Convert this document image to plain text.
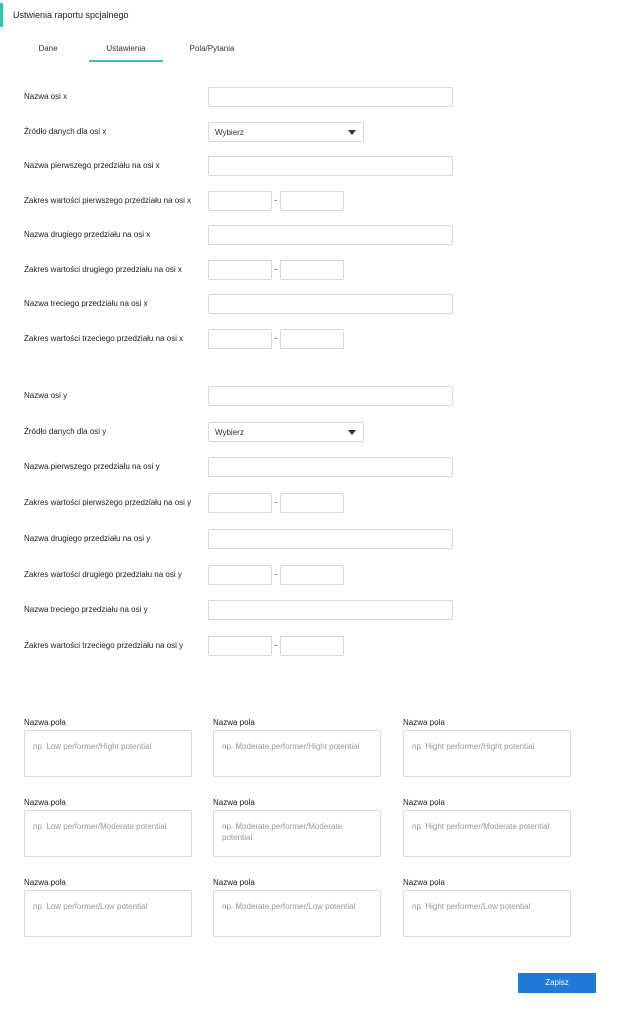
Ustwienia raportu spcjalnego
Dane	Ustawienia	Pola/Pytania
Nazwa osi x
Źródło danych dla osi x	Wybierz
Nazwa pierwszego przedziału na osi x
Zakres wartości pierwszego przedziału na osi x	-
Nazwa drugiego przedziału na osi x
Zakres wartości drugiego przedziału na osi x	-
Nazwa treciego przedziału na osi x
Zakres wartości trzeciego przedziału na osi x	-
Nazwa osi y
Źródło danych dla osi y	Wybierz
Nazwa pierwszego przedziału na osi y
Zakres wartości pierwszego przedziału na osi y	-
Nazwa drugiego przedziału na osi y
Zakres wartości drugiego przedziału na osi y	-
Nazwa treciego przedziału na osi y
Zakres wartości trzeciego przedziału na osi y	-
Nazwa pola
np. Low performer/Hight potential
Nazwa pola
np. Moderate performer/Hight potential
Nazwa pola
np. Hight performer/Hight potential
Nazwa pola
np. Low performer/Moderate potential
Nazwa pola
np. Moderate performer/Moderate potential
Nazwa pola
np. Hight performer/Moderate potential
Nazwa pola
np. Low performer/Low potential
Nazwa pola
np. Moderate performer/Low potential
Nazwa pola
np. Hight performer/Low potential
Zapisz
